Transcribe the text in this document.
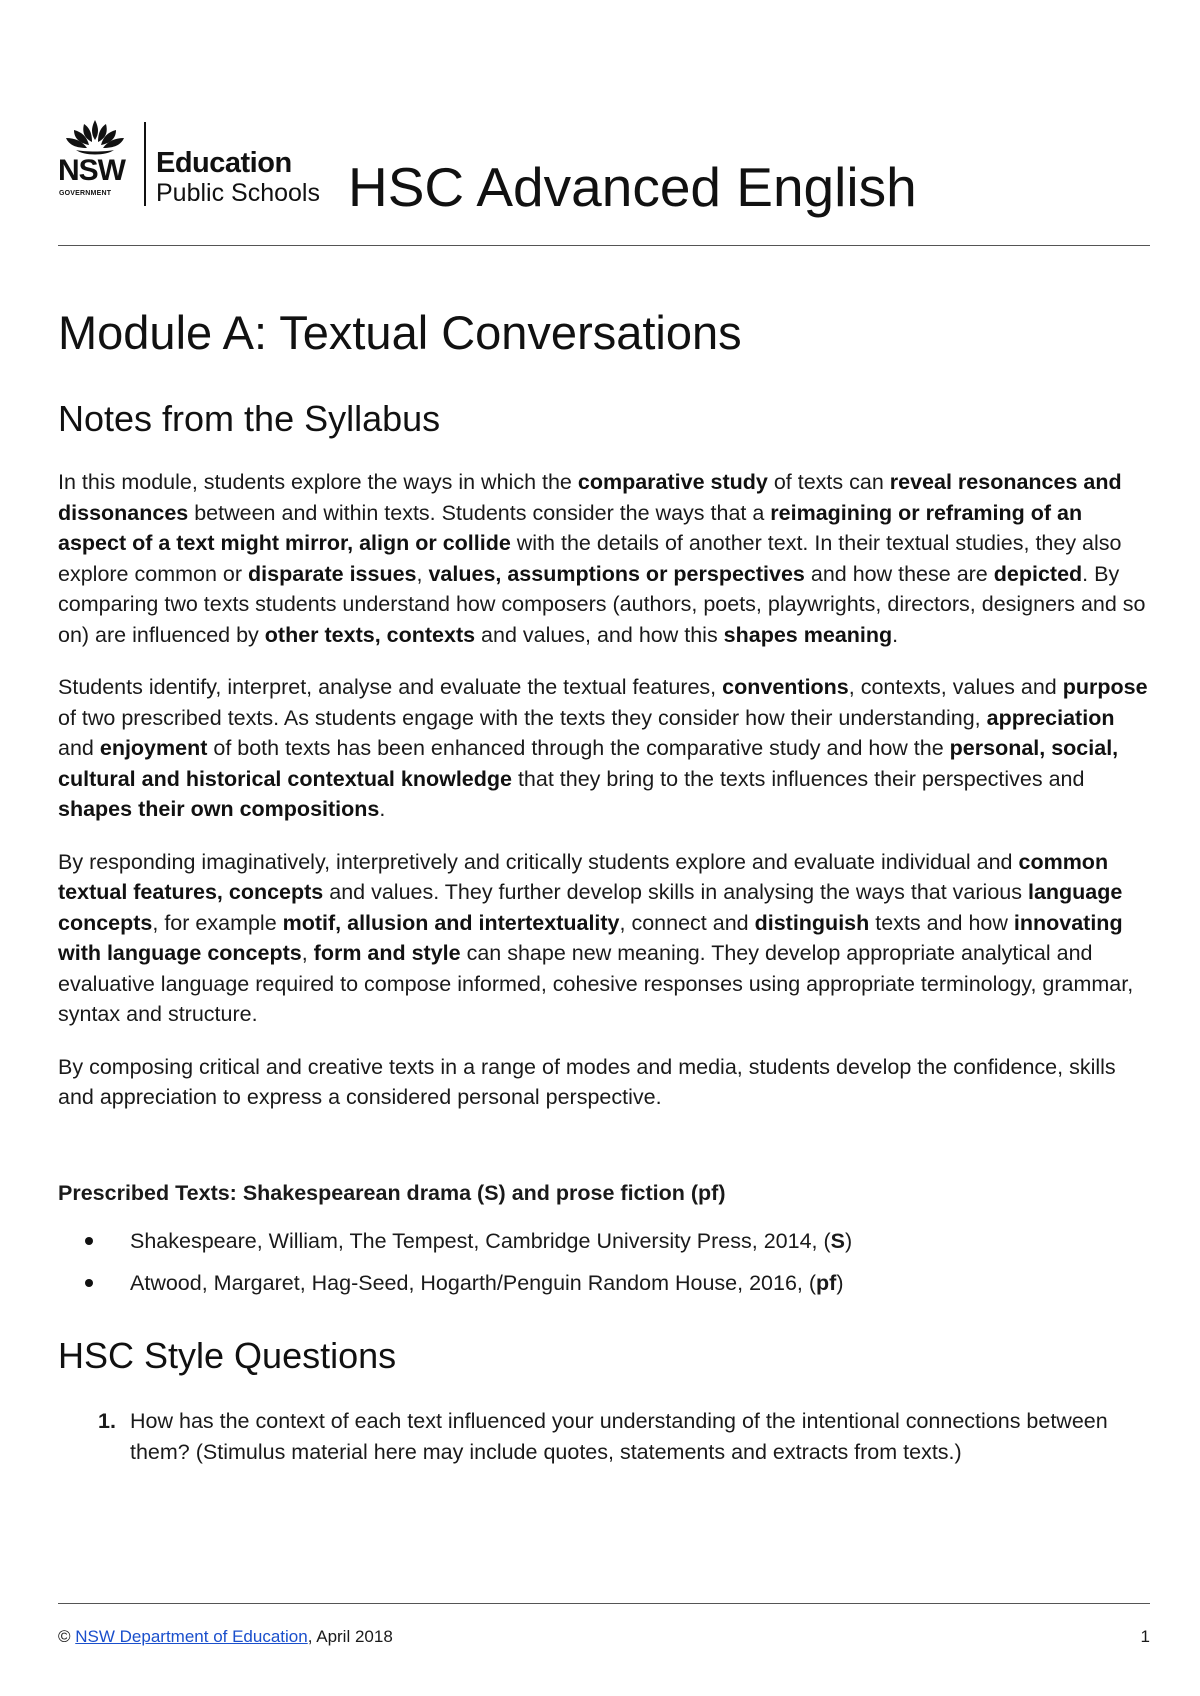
NSW
GOVERNMENT
Education
Public Schools HSC Advanced English
Module A: Textual Conversations
Notes from the Syllabus

In this module, students explore the ways in which the comparative study of texts can reveal resonances and dissonances between and within texts. Students consider the ways that a reimagining or reframing of an aspect of a text might mirror, align or collide with the details of another text. In their textual studies, they also explore common or disparate issues, values, assumptions or perspectives and how these are depicted. By comparing two texts students understand how composers (authors, poets, playwrights, directors, designers and so on) are influenced by other texts, contexts and values, and how this shapes meaning.

Students identify, interpret, analyse and evaluate the textual features, conventions, contexts, values and purpose of two prescribed texts. As students engage with the texts they consider how their understanding, appreciation and enjoyment of both texts has been enhanced through the comparative study and how the personal, social, cultural and historical contextual knowledge that they bring to the texts influences their perspectives and shapes their own compositions.

By responding imaginatively, interpretively and critically students explore and evaluate individual and common textual features, concepts and values. They further develop skills in analysing the ways that various language concepts, for example motif, allusion and intertextuality, connect and distinguish texts and how innovating with language concepts, form and style can shape new meaning. They develop appropriate analytical and evaluative language required to compose informed, cohesive responses using appropriate terminology, grammar, syntax and structure.

By composing critical and creative texts in a range of modes and media, students develop the confidence, skills and appreciation to express a considered personal perspective.

Prescribed Texts: Shakespearean drama (S) and prose fiction (pf)
Shakespeare, William, The Tempest, Cambridge University Press, 2014, (S)
Atwood, Margaret, Hag-Seed, Hogarth/Penguin Random House, 2016, (pf)
HSC Style Questions
1. How has the context of each text influenced your understanding of the intentional connections between them? (Stimulus material here may include quotes, statements and extracts from texts.)
© NSW Department of Education, April 2018	1
